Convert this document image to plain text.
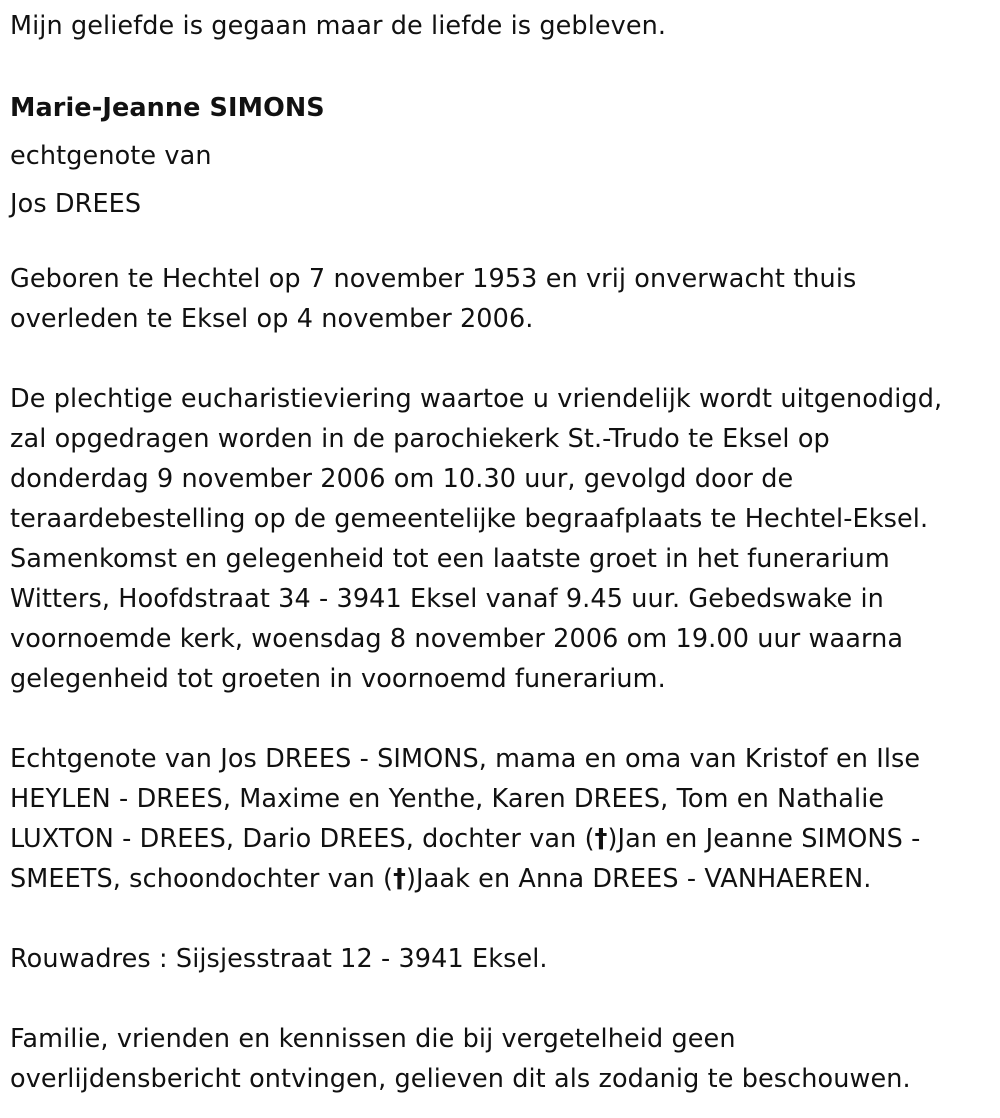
Mijn geliefde is gegaan maar de liefde is gebleven.
Marie-Jeanne SIMONS
echtgenote van
Jos DREES
Geboren te Hechtel op 7 november 1953 en vrij onverwacht thuis
overleden te Eksel op 4 november 2006.
De plechtige eucharistieviering waartoe u vriendelijk wordt uitgenodigd,
zal opgedragen worden in de parochiekerk St.-Trudo te Eksel op
donderdag 9 november 2006 om 10.30 uur, gevolgd door de
teraardebestelling op de gemeentelijke begraafplaats te Hechtel-Eksel.
Samenkomst en gelegenheid tot een laatste groet in het funerarium
Witters, Hoofdstraat 34 - 3941 Eksel vanaf 9.45 uur. Gebedswake in
voornoemde kerk, woensdag 8 november 2006 om 19.00 uur waarna
gelegenheid tot groeten in voornoemd funerarium.
Echtgenote van Jos DREES - SIMONS, mama en oma van Kristof en Ilse
HEYLEN - DREES, Maxime en Yenthe, Karen DREES, Tom en Nathalie
LUXTON - DREES, Dario DREES, dochter van (†)Jan en Jeanne SIMONS -
SMEETS, schoondochter van (†)Jaak en Anna DREES - VANHAEREN.
Rouwadres : Sijsjesstraat 12 - 3941 Eksel.
Familie, vrienden en kennissen die bij vergetelheid geen
overlijdensbericht ontvingen, gelieven dit als zodanig te beschouwen.
